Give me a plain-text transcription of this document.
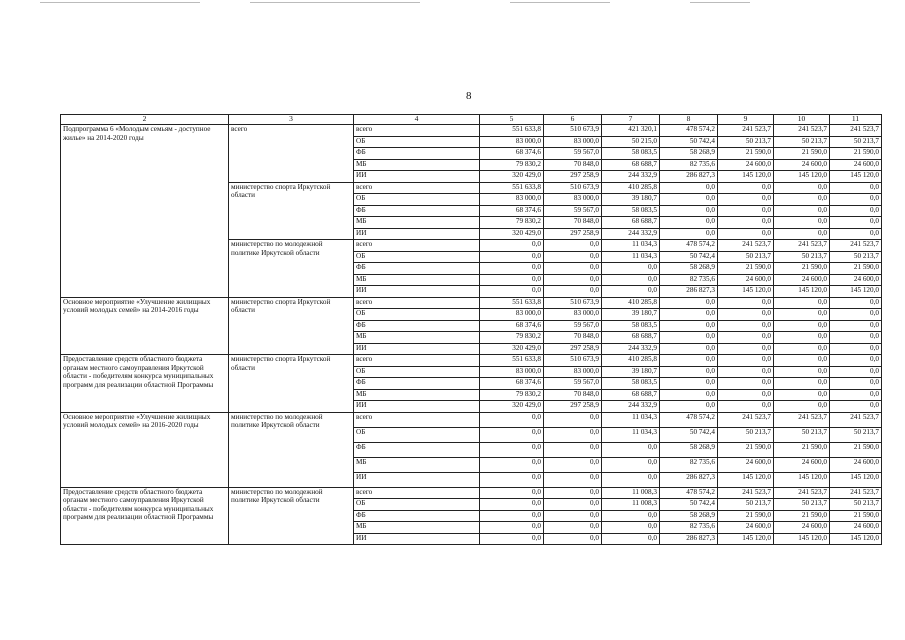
8
2	3	4	5	6	7	8	9	10	11
Подпрограмма 6 «Молодым семьям - доступное жилье» на 2014-2020 годы	всего	всего	551 633,8	510 673,9	421 320,1	478 574,2	241 523,7	241 523,7	241 523,7
		ОБ	83 000,0	83 000,0	50 215,0	50 742,4	50 213,7	50 213,7	50 213,7
		ФБ	68 374,6	59 567,0	58 083,5	58 268,9	21 590,0	21 590,0	21 590,0
		МБ	79 830,2	70 848,0	68 688,7	82 735,6	24 600,0	24 600,0	24 600,0
		ИИ	320 429,0	297 258,9	244 332,9	286 827,3	145 120,0	145 120,0	145 120,0
	министерство спорта Иркутской области	всего	551 633,8	510 673,9	410 285,8	0,0	0,0	0,0	0,0
		ОБ	83 000,0	83 000,0	39 180,7	0,0	0,0	0,0	0,0
		ФБ	68 374,6	59 567,0	58 083,5	0,0	0,0	0,0	0,0
		МБ	79 830,2	70 848,0	68 688,7	0,0	0,0	0,0	0,0
		ИИ	320 429,0	297 258,9	244 332,9	0,0	0,0	0,0	0,0
	министерство по молодежной политике Иркутской области	всего	0,0	0,0	11 034,3	478 574,2	241 523,7	241 523,7	241 523,7
		ОБ	0,0	0,0	11 034,3	50 742,4	50 213,7	50 213,7	50 213,7
		ФБ	0,0	0,0	0,0	58 268,9	21 590,0	21 590,0	21 590,0
		МБ	0,0	0,0	0,0	82 735,6	24 600,0	24 600,0	24 600,0
		ИИ	0,0	0,0	0,0	286 827,3	145 120,0	145 120,0	145 120,0
Основное мероприятие «Улучшение жилищных условий молодых семей» на 2014-2016 годы	министерство спорта Иркутской области	всего	551 633,8	510 673,9	410 285,8	0,0	0,0	0,0	0,0
		ОБ	83 000,0	83 000,0	39 180,7	0,0	0,0	0,0	0,0
		ФБ	68 374,6	59 567,0	58 083,5	0,0	0,0	0,0	0,0
		МБ	79 830,2	70 848,0	68 688,7	0,0	0,0	0,0	0,0
		ИИ	320 429,0	297 258,9	244 332,9	0,0	0,0	0,0	0,0
Предоставление средств областного бюджета органам местного самоуправления Иркутской области - победителям конкурса муниципальных программ для реализации областной Программы	министерство спорта Иркутской области	всего	551 633,8	510 673,9	410 285,8	0,0	0,0	0,0	0,0
		ОБ	83 000,0	83 000,0	39 180,7	0,0	0,0	0,0	0,0
		ФБ	68 374,6	59 567,0	58 083,5	0,0	0,0	0,0	0,0
		МБ	79 830,2	70 848,0	68 688,7	0,0	0,0	0,0	0,0
		ИИ	320 429,0	297 258,9	244 332,9	0,0	0,0	0,0	0,0
Основное мероприятие «Улучшение жилищных условий молодых семей» на 2016-2020 годы	министерство по молодежной политике Иркутской области	всего	0,0	0,0	11 034,3	478 574,2	241 523,7	241 523,7	241 523,7
		ОБ	0,0	0,0	11 034,3	50 742,4	50 213,7	50 213,7	50 213,7
		ФБ	0,0	0,0	0,0	58 268,9	21 590,0	21 590,0	21 590,0
		МБ	0,0	0,0	0,0	82 735,6	24 600,0	24 600,0	24 600,0
		ИИ	0,0	0,0	0,0	286 827,3	145 120,0	145 120,0	145 120,0
Предоставление средств областного бюджета органам местного самоуправления Иркутской области - победителям конкурса муниципальных программ для реализации областной Программы	министерство по молодежной политике Иркутской области	всего	0,0	0,0	11 008,3	478 574,2	241 523,7	241 523,7	241 523,7
		ОБ	0,0	0,0	11 008,3	50 742,4	50 213,7	50 213,7	50 213,7
		ФБ	0,0	0,0	0,0	58 268,9	21 590,0	21 590,0	21 590,0
		МБ	0,0	0,0	0,0	82 735,6	24 600,0	24 600,0	24 600,0
		ИИ	0,0	0,0	0,0	286 827,3	145 120,0	145 120,0	145 120,0
